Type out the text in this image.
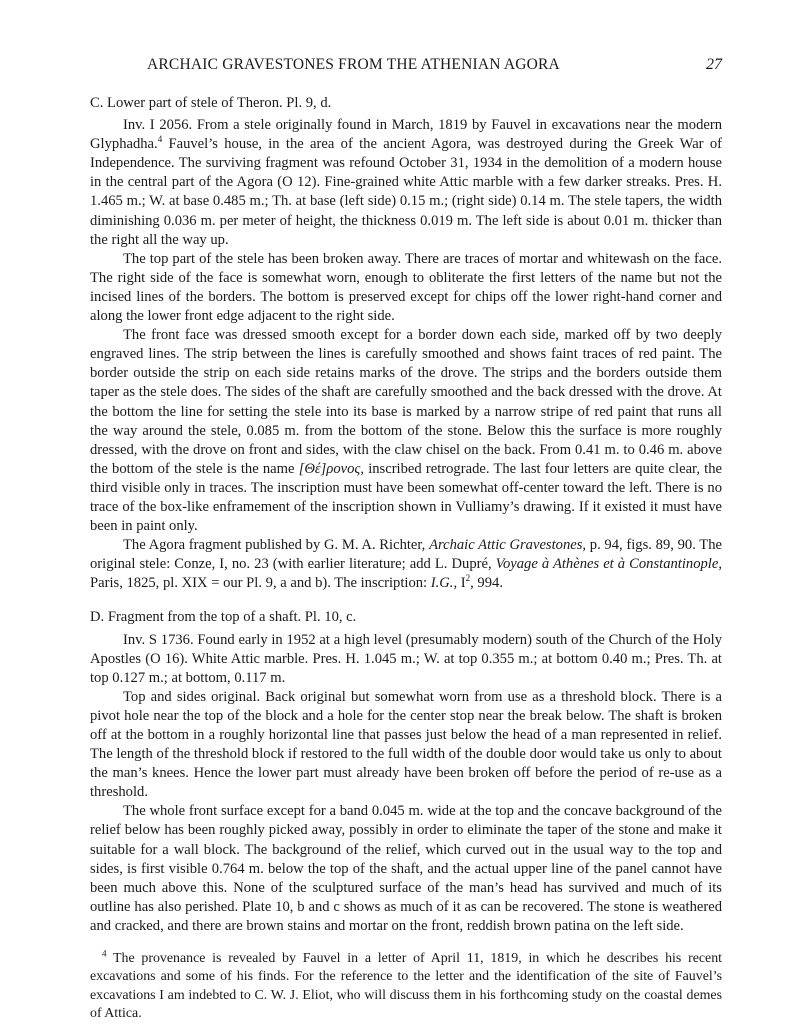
ARCHAIC GRAVESTONES FROM THE ATHENIAN AGORA	27

C. Lower part of stele of Theron. Pl. 9, d.

Inv. I 2056. From a stele originally found in March, 1819 by Fauvel in excavations near the modern Glyphadha.$^4$ Fauvel’s house, in the area of the ancient Agora, was destroyed during the Greek War of Independence. The surviving fragment was refound October 31, 1934 in the demolition of a modern house in the central part of the Agora (O 12). Fine-grained white Attic marble with a few darker streaks. Pres. H. 1.465 m.; W. at base 0.485 m.; Th. at base (left side) 0.15 m.; (right side) 0.14 m. The stele tapers, the width diminishing 0.036 m. per meter of height, the thickness 0.019 m. The left side is about 0.01 m. thicker than the right all the way up.

The top part of the stele has been broken away. There are traces of mortar and whitewash on the face. The right side of the face is somewhat worn, enough to obliterate the first letters of the name but not the incised lines of the borders. The bottom is preserved except for chips off the lower right-hand corner and along the lower front edge adjacent to the right side.

The front face was dressed smooth except for a border down each side, marked off by two deeply engraved lines. The strip between the lines is carefully smoothed and shows faint traces of red paint. The border outside the strip on each side retains marks of the drove. The strips and the borders outside them taper as the stele does. The sides of the shaft are carefully smoothed and the back dressed with the drove. At the bottom the line for setting the stele into its base is marked by a narrow stripe of red paint that runs all the way around the stele, 0.085 m. from the bottom of the stone. Below this the surface is more roughly dressed, with the drove on front and sides, with the claw chisel on the back. From 0.41 m. to 0.46 m. above the bottom of the stele is the name [Θέ]ρονος, inscribed retrograde. The last four letters are quite clear, the third visible only in traces. The inscription must have been somewhat off-center toward the left. There is no trace of the box-like enframement of the inscription shown in Vulliamy’s drawing. If it existed it must have been in paint only.

The Agora fragment published by G. M. A. Richter, Archaic Attic Gravestones, p. 94, figs. 89, 90. The original stele: Conze, I, no. 23 (with earlier literature; add L. Dupré, Voyage à Athènes et à Constantinople, Paris, 1825, pl. XIX = our Pl. 9, a and b). The inscription: I.G., $I^2$, 994.

D. Fragment from the top of a shaft. Pl. 10, c.

Inv. S 1736. Found early in 1952 at a high level (presumably modern) south of the Church of the Holy Apostles (O 16). White Attic marble. Pres. H. 1.045 m.; W. at top 0.355 m.; at bottom 0.40 m.; Pres. Th. at top 0.127 m.; at bottom, 0.117 m.

Top and sides original. Back original but somewhat worn from use as a threshold block. There is a pivot hole near the top of the block and a hole for the center stop near the break below. The shaft is broken off at the bottom in a roughly horizontal line that passes just below the head of a man represented in relief. The length of the threshold block if restored to the full width of the double door would take us only to about the man’s knees. Hence the lower part must already have been broken off before the period of re-use as a threshold.

The whole front surface except for a band 0.045 m. wide at the top and the concave background of the relief below has been roughly picked away, possibly in order to eliminate the taper of the stone and make it suitable for a wall block. The background of the relief, which curved out in the usual way to the top and sides, is first visible 0.764 m. below the top of the shaft, and the actual upper line of the panel cannot have been much above this. None of the sculptured surface of the man’s head has survived and much of its outline has also perished. Plate 10, b and c shows as much of it as can be recovered. The stone is weathered and cracked, and there are brown stains and mortar on the front, reddish brown patina on the left side.

$^4$ The provenance is revealed by Fauvel in a letter of April 11, 1819, in which he describes his recent excavations and some of his finds. For the reference to the letter and the identification of the site of Fauvel’s excavations I am indebted to C. W. J. Eliot, who will discuss them in his forthcoming study on the coastal demes of Attica.
